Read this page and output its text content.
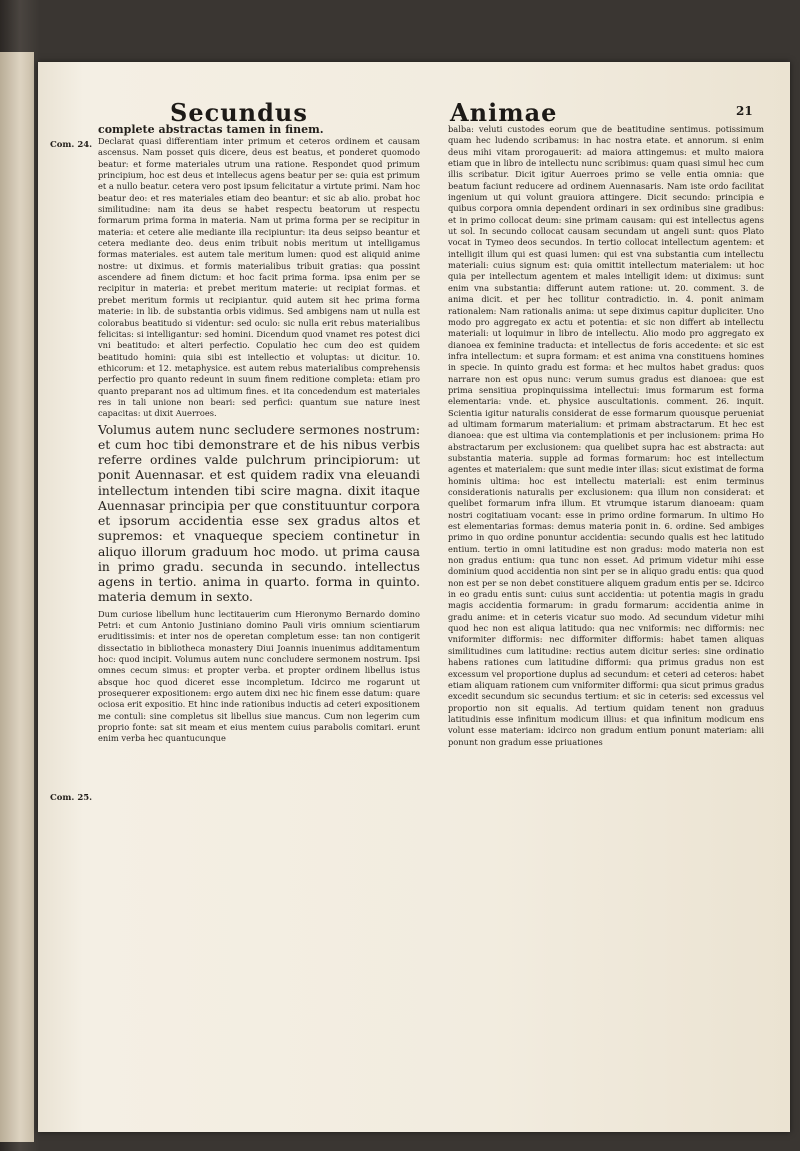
Secundus	Animae	21
Com. 24.
Com. 25.

complete abstractas tamen in finem.

Declarat quasi differentiam inter primum et ceteros ordinem et causam ascensus. Nam posset quis dicere, deus est beatus, et ponderet quomodo beatur: et forme materiales utrum una ratione. Respondet quod primum principium, hoc est deus et intellecus agens beatur per se: quia est primum et a nullo beatur. cetera vero post ipsum felicitatur a virtute primi. Nam hoc beatur deo: et res materiales etiam deo beantur: et sic ab alio. probat hoc similitudine: nam ita deus se habet respectu beatorum ut respectu formarum prima forma in materia. Nam ut prima forma per se recipitur in materia: et cetere alie mediante illa recipiuntur: ita deus seipso beantur et cetera mediante deo. deus enim tribuit nobis meritum ut intelligamus formas materiales. est autem tale meritum lumen: quod est aliquid anime nostre: ut diximus. et formis materialibus tribuit gratias: qua possint ascendere ad finem dictum: et hoc facit prima forma. ipsa enim per se recipitur in materia: et prebet meritum materie: ut recipiat formas. et prebet meritum formis ut recipiantur. quid autem sit hec prima forma materie: in lib. de substantia orbis vidimus. Sed ambigens nam ut nulla est colorabus beatitudo si videntur: sed oculo: sic nulla erit rebus materialibus felicitas: si intelligantur: sed homini. Dicendum quod vnamet res potest dici vni beatitudo: et alteri perfectio. Copulatio hec cum deo est quidem beatitudo homini: quia sibi est intellectio et voluptas: ut dicitur. 10. ethicorum: et 12. metaphysice. est autem rebus materialibus comprehensis perfectio pro quanto redeunt in suum finem reditione completa: etiam pro quanto preparant nos ad ultimum fines. et ita concedendum est materiales res in tali unione non beari: sed perfici: quantum sue nature inest capacitas: ut dixit Auerroes.

Volumus autem nunc secludere sermones nostrum: et cum hoc tibi demonstrare et de his nibus verbis referre ordines valde pulchrum principiorum: ut ponit Auennasar. et est quidem radix vna eleuandi intellectum intenden tibi scire magna. dixit itaque Auennasar principia per que constituuntur corpora et ipsorum accidentia esse sex gradus altos et supremos: et vnaqueque speciem continetur in aliquo illorum graduum hoc modo. ut prima causa in primo gradu. secunda in secundo. intellectus agens in tertio. anima in quarto. forma in quinto. materia demum in sexto.

Dum curiose libellum hunc lectitauerim cum Hieronymo Bernardo domino Petri: et cum Antonio Justiniano domino Pauli viris omnium scientiarum eruditissimis: et inter nos de operetan completum esse: tan non contigerit dissectatio in bibliotheca monastery Diui Joannis inuenimus additamentum hoc: quod incipit. Volumus autem nunc concludere sermonem nostrum. Ipsi omnes cecum simus: et propter verba. et propter ordinem libellus istus absque hoc quod diceret esse incompletum. Idcirco me rogarunt ut prosequerer expositionem: ergo autem dixi nec hic finem esse datum: quare ociosa erit expositio. Et hinc inde rationibus inductis ad ceteri expositionem me contuli: sine completus sit libellus siue mancus. Cum non legerim cum proprio fonte: sat sit meam et eius mentem cuius parabolis comitari. erunt enim verba hec quantucunque

balba: veluti custodes eorum que de beatitudine sentimus. potissimum quam hec ludendo scribamus: in hac nostra etate. et annorum. si enim deus mihi vitam prorogauerit: ad maiora attingemus: et multo maiora etiam que in libro de intellectu nunc scribimus: quam quasi simul hec cum illis scribatur. Dicit igitur Auerroes primo se velle entia omnia: que beatum faciunt reducere ad ordinem Auennasaris. Nam iste ordo facilitat ingenium ut qui volunt grauiora attingere. Dicit secundo: principia e quibus corpora omnia dependent ordinari in sex ordinibus sine gradibus: et in primo collocat deum: sine primam causam: qui est intellectus agens ut sol. In secundo collocat causam secundam ut angeli sunt: quos Plato vocat in Tymeo deos secundos. In tertio collocat intellectum agentem: et intelligit illum qui est quasi lumen: qui est vna substantia cum intellectu materiali: cuius signum est: quia omittit intellectum materialem: ut hoc quia per intellectum agentem et males intelligit idem: ut diximus: sunt enim vna substantia: differunt autem ratione: ut. 20. comment. 3. de anima dicit. et per hec tollitur contradictio. in. 4. ponit animam rationalem: Nam rationalis anima: ut sepe diximus capitur dupliciter. Uno modo pro aggregato ex actu et potentia: et sic non differt ab intellectu materiali: ut loquimur in libro de intellectu. Alio modo pro aggregato ex dianoea ex feminine traducta: et intellectus de foris accedente: et sic est infra intellectum: et supra formam: et est anima vna constituens homines in specie. In quinto gradu est forma: et hec multos habet gradus: quos narrare non est opus nunc: verum sumus gradus est dianoea: que est prima sensitiua propinquissima intellectui: imus formarum est forma elementaria: vnde. et. physice auscultationis. comment. 26. inquit. Scientia igitur naturalis considerat de esse formarum quousque perueniat ad ultimam formarum materialium: et primam abstractarum. Et hec est dianoea: que est ultima via contemplationis et per inclusionem: prima Ho abstractarum per exclusionem: qua quelibet supra hac est abstracta: aut substantia materia. supple ad formas formarum: hoc est intellectum agentes et materialem: que sunt medie inter illas: sicut existimat de forma hominis ultima: hoc est intellectu materiali: est enim terminus considerationis naturalis per exclusionem: qua illum non considerat: et quelibet formarum infra illum. Et vtrumque istarum dianoeam: quam nostri cogitatiuam vocant: esse in primo ordine formarum. In ultimo Ho est elementarias formas: demus materia ponit in. 6. ordine. Sed ambiges primo in quo ordine ponuntur accidentia: secundo qualis est hec latitudo entium. tertio in omni latitudine est non gradus: modo materia non est non gradus entium: qua tunc non esset. Ad primum videtur mihi esse dominium quod accidentia non sint per se in aliquo gradu entis: qua quod non est per se non debet constituere aliquem gradum entis per se. Idcirco in eo gradu entis sunt: cuius sunt accidentia: ut potentia magis in gradu magis accidentia formarum: in gradu formarum: accidentia anime in gradu anime: et in ceteris vicatur suo modo. Ad secundum videtur mihi quod hec non est aliqua latitudo: qua nec vniformis: nec difformis: nec vniformiter difformis: nec difformiter difformis: habet tamen aliquas similitudines cum latitudine: rectius autem dicitur series: sine ordinatio habens rationes cum latitudine difformi: qua primus gradus non est excessum vel proportione duplus ad secundum: et ceteri ad ceteros: habet etiam aliquam rationem cum vniformiter difformi: qua sicut primus gradus excedit secundum sic secundus tertium: et sic in ceteris: sed excessus vel proportio non sit equalis. Ad tertium quidam tenent non graduus latitudinis esse infinitum modicum illius: et qua infinitum modicum ens volunt esse materiam: idcirco non gradum entium ponunt materiam: alii ponunt non gradum esse priuationes
